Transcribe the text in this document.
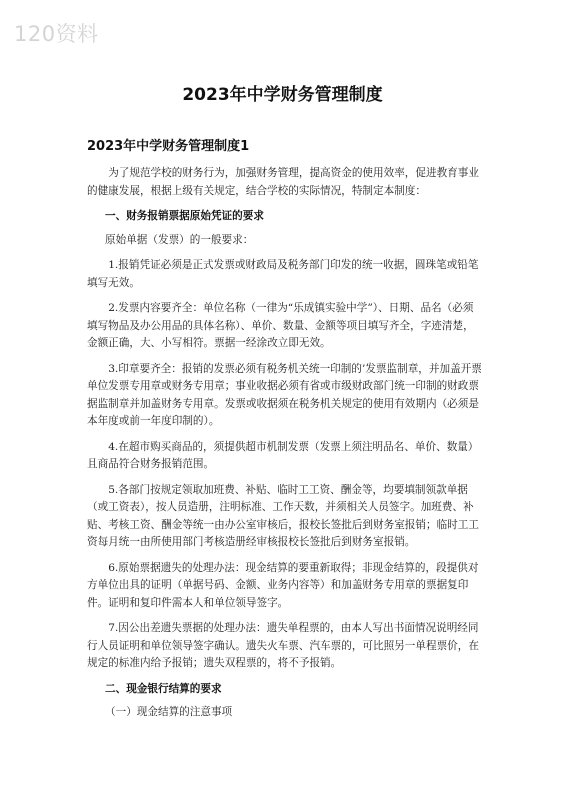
120资料
2023年中学财务管理制度
2023年中学财务管理制度1

为了规范学校的财务行为，加强财务管理，提高资金的使用效率，促进教育事业的健康发展，根据上级有关规定，结合学校的实际情况，特制定本制度：

一、财务报销票据原始凭证的要求

原始单据（发票）的一般要求：

1.报销凭证必须是正式发票或财政局及税务部门印发的统一收据，圆珠笔或铅笔填写无效。

2.发票内容要齐全：单位名称（一律为“乐成镇实验中学”）、日期、品名（必须填写物品及办公用品的具体名称）、单价、数量、金额等项目填写齐全，字迹清楚，金额正确，大、小写相符。票据一经涂改立即无效。

3.印章要齐全：报销的发票必须有税务机关统一印制的’发票监制章，并加盖开票单位发票专用章或财务专用章；事业收据必须有省或市级财政部门统一印制的财政票据监制章并加盖财务专用章。发票或收据须在税务机关规定的使用有效期内（必须是本年度或前一年度印制的）。

4.在超市购买商品的，须提供超市机制发票（发票上须注明品名、单价、数量）且商品符合财务报销范围。

5.各部门按规定领取加班费、补贴、临时工工资、酬金等，均要填制领款单据（或工资表），按人员造册，注明标准、工作天数，并须相关人员签字。加班费、补贴、考核工资、酬金等统一由办公室审核后，报校长签批后到财务室报销；临时工工资每月统一由所使用部门考核造册经审核报校长签批后到财务室报销。

6.原始票据遗失的处理办法：现金结算的要重新取得；非现金结算的，段提供对方单位出具的证明（单据号码、金额、业务内容等）和加盖财务专用章的票据复印件。证明和复印件需本人和单位领导签字。

7.因公出差遗失票据的处理办法：遗失单程票的，由本人写出书面情况说明经同行人员证明和单位领导签字确认。遗失火车票、汽车票的，可比照另一单程票价，在规定的标准内给予报销；遗失双程票的，将不予报销。

二、现金银行结算的要求

（一）现金结算的注意事项
